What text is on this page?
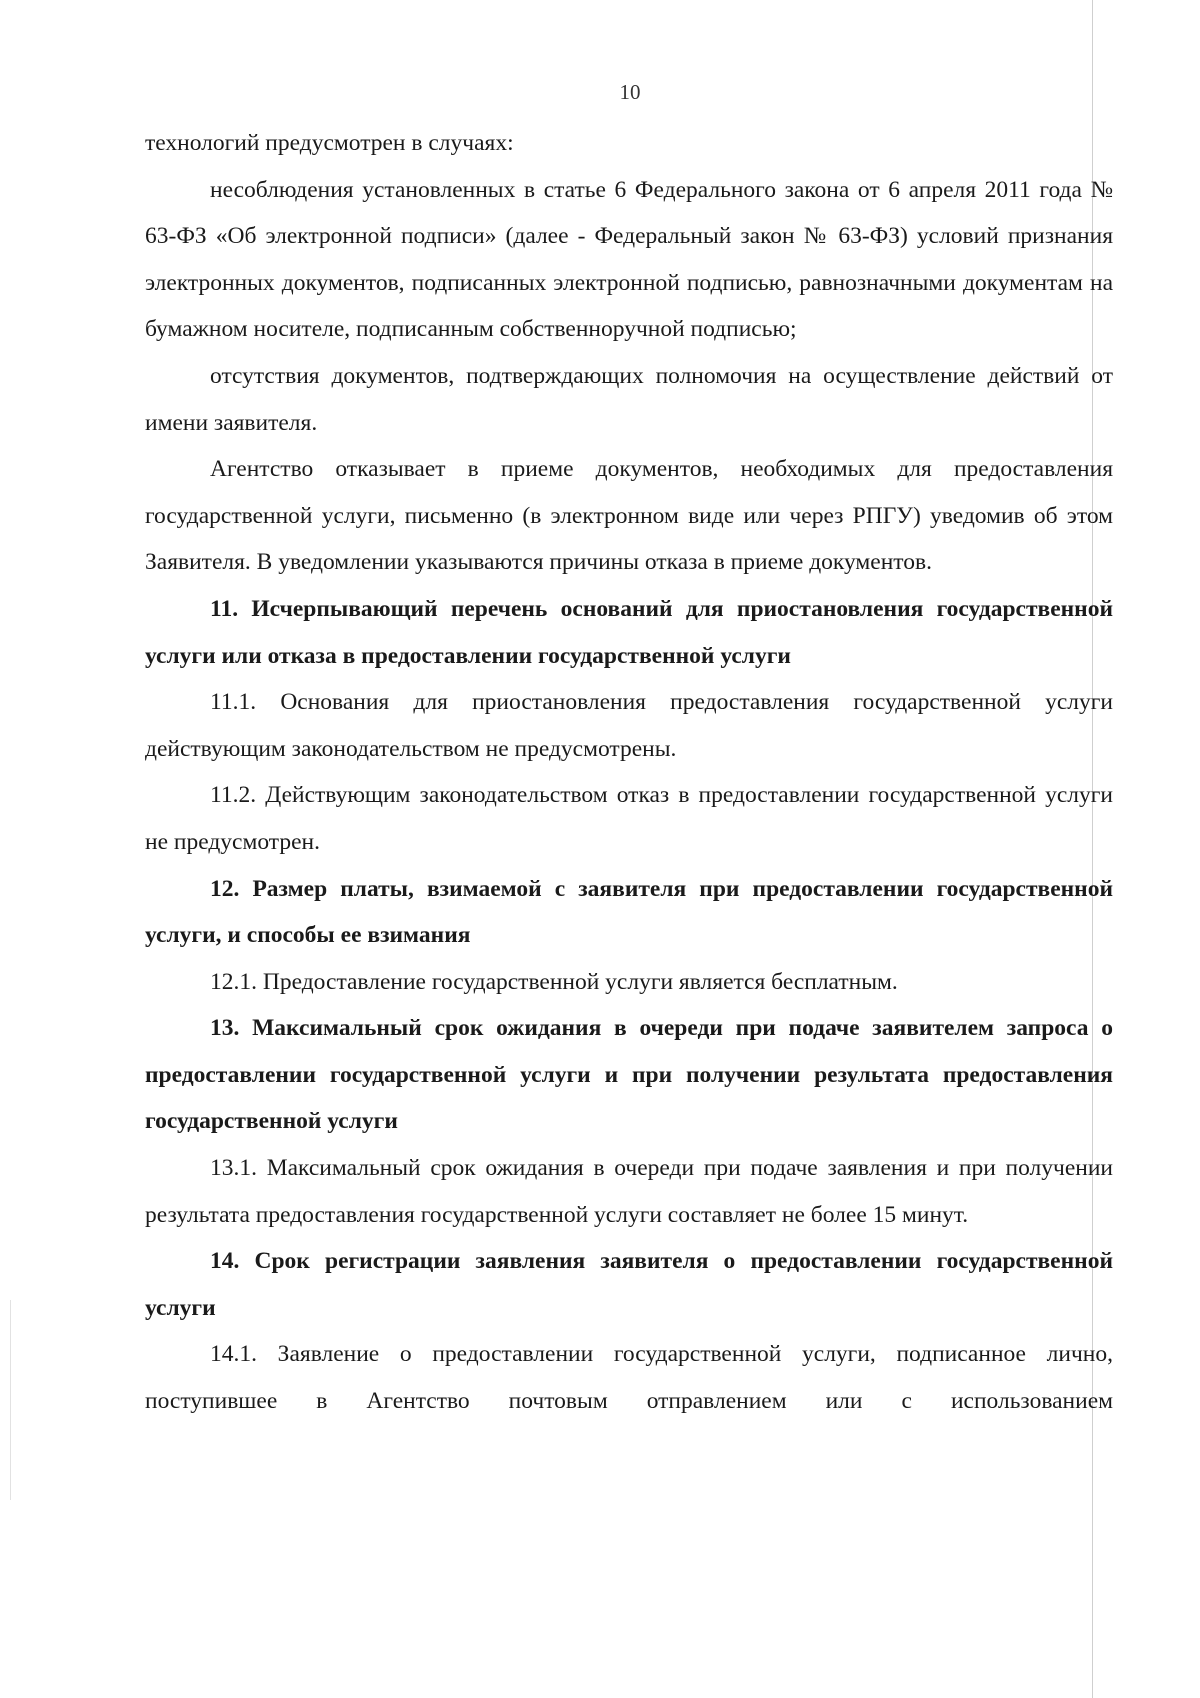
10

технологий предусмотрен в случаях:

несоблюдения установленных в статье 6 Федерального закона от 6 апреля 2011 года № 63-ФЗ «Об электронной подписи» (далее - Федеральный закон № 63-ФЗ) условий признания электронных документов, подписанных электронной подписью, равнозначными документам на бумажном носителе, подписанным собственноручной подписью;

отсутствия документов, подтверждающих полномочия на осуществление действий от имени заявителя.

Агентство отказывает в приеме документов, необходимых для предоставления государственной услуги, письменно (в электронном виде или через РПГУ) уведомив об этом Заявителя. В уведомлении указываются причины отказа в приеме документов.

11. Исчерпывающий перечень оснований для приостановления государственной услуги или отказа в предоставлении государственной услуги

11.1. Основания для приостановления предоставления государственной услуги действующим законодательством не предусмотрены.

11.2. Действующим законодательством отказ в предоставлении государственной услуги не предусмотрен.

12. Размер платы, взимаемой с заявителя при предоставлении государственной услуги, и способы ее взимания

12.1. Предоставление государственной услуги является бесплатным.

13. Максимальный срок ожидания в очереди при подаче заявителем запроса о предоставлении государственной услуги и при получении результата предоставления государственной услуги

13.1. Максимальный срок ожидания в очереди при подаче заявления и при получении результата предоставления государственной услуги составляет не более 15 минут.

14. Срок регистрации заявления заявителя о предоставлении государственной услуги

14.1. Заявление о предоставлении государственной услуги, подписанное лично, поступившее в Агентство почтовым отправлением или с использованием
